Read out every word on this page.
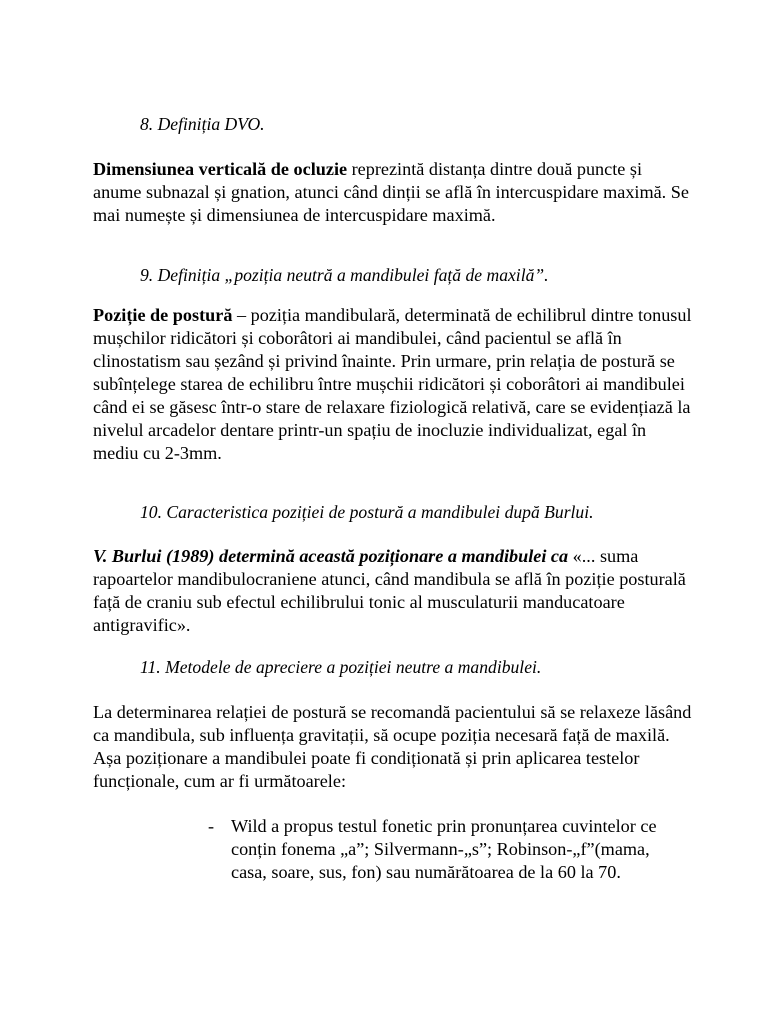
8. Definiția DVO.

Dimensiunea verticală de ocluzie reprezintă distanța dintre două puncte și anume subnazal și gnation, atunci când dinții se află în intercuspidare maximă. Se mai numește și dimensiunea de intercuspidare maximă.

9. Definiția „poziția neutră a mandibulei față de maxilă”.

Poziție de postură – poziția mandibulară, determinată de echilibrul dintre tonusul mușchilor ridicători și coborâtori ai mandibulei, când pacientul se află în clinostatism sau șezând și privind înainte. Prin urmare, prin relația de postură se subînțelege starea de echilibru între mușchii ridicători și coborâtori ai mandibulei când ei se găsesc într-o stare de relaxare fiziologică relativă, care se evidențiază la nivelul arcadelor dentare printr-un spațiu de inocluzie individualizat, egal în mediu cu 2-3mm.

10. Caracteristica poziției de postură a mandibulei după Burlui.

V. Burlui (1989) determină această poziționare a mandibulei ca «... suma rapoartelor mandibulocraniene atunci, când mandibula se află în poziție posturală față de craniu sub efectul echilibrului tonic al musculaturii manducatoare antigravific».

11. Metodele de apreciere a poziției neutre a mandibulei.

La determinarea relației de postură se recomandă pacientului să se relaxeze lăsând ca mandibula, sub influența gravitații, să ocupe poziția necesară față de maxilă. Așa poziționare a mandibulei poate fi condiționată și prin aplicarea testelor funcționale, cum ar fi următoarele:

- Wild a propus testul fonetic prin pronunțarea cuvintelor ce conțin fonema „a”; Silvermann-„s”; Robinson-„f”(mama, casa, soare, sus, fon) sau numărătoarea de la 60 la 70.
